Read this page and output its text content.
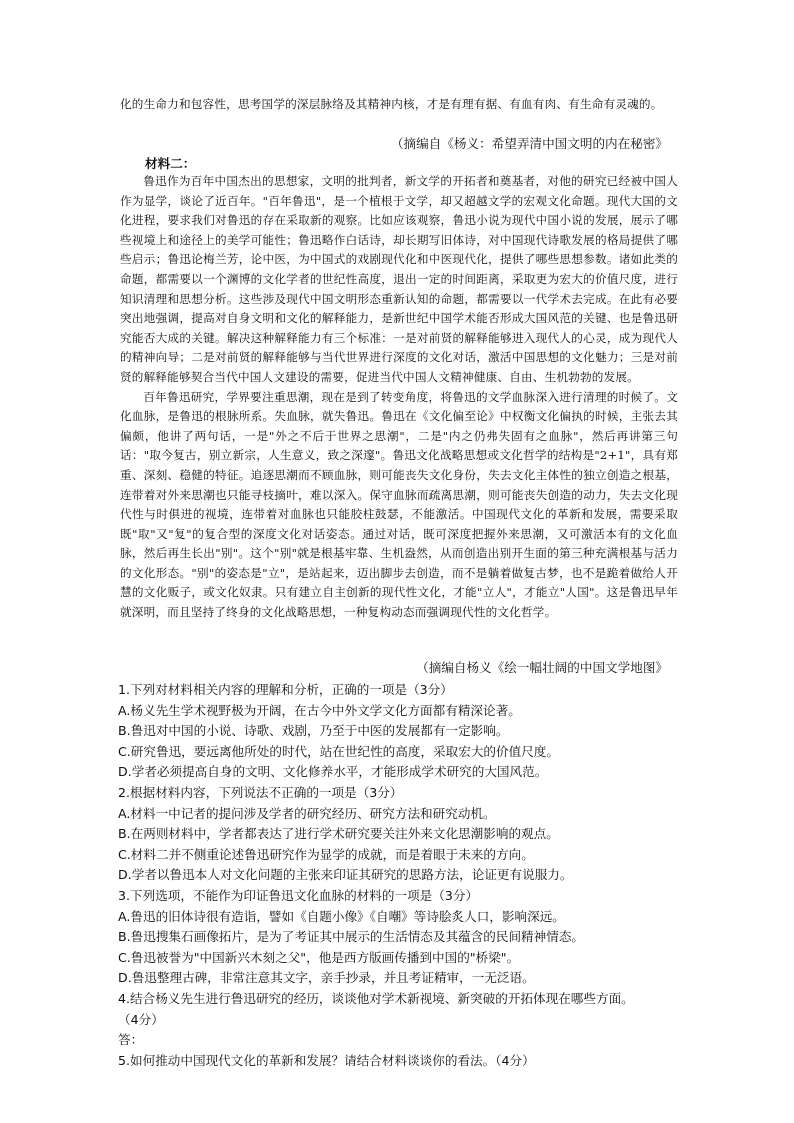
化的生命力和包容性，思考国学的深层脉络及其精神内核，才是有理有据、有血有肉、有生命有灵魂的。

（摘编自《杨义：希望弄清中国文明的内在秘密》
材料二：

鲁迅作为百年中国杰出的思想家，文明的批判者，新文学的开拓者和奠基者，对他的研究已经被中国人作为显学，谈论了近百年。"百年鲁迅"，是一个植根于文学，却又超越文学的宏观文化命题。现代大国的文化进程，要求我们对鲁迅的存在采取新的观察。比如应该观察，鲁迅小说为现代中国小说的发展，展示了哪些视境上和途径上的美学可能性；鲁迅略作白话诗，却长期写旧体诗，对中国现代诗歌发展的格局提供了哪些启示；鲁迅论梅兰芳，论中医，为中国式的戏剧现代化和中医现代化，提供了哪些思想参数。诸如此类的命题，都需要以一个渊博的文化学者的世纪性高度，退出一定的时间距离，采取更为宏大的价值尺度，进行知识清理和思想分析。这些涉及现代中国文明形态重新认知的命题，都需要以一代学术去完成。在此有必要突出地强调，提高对自身文明和文化的解释能力，是新世纪中国学术能否形成大国风范的关键、也是鲁迅研究能否大成的关键。解决这种解释能力有三个标准：一是对前贤的解释能够进入现代人的心灵，成为现代人的精神向导；二是对前贤的解释能够与当代世界进行深度的文化对话，激活中国思想的文化魅力；三是对前贤的解释能够契合当代中国人文建设的需要，促进当代中国人文精神健康、自由、生机勃勃的发展。

百年鲁迅研究，学界要注重思潮，现在是到了转变角度，将鲁迅的文学血脉深入进行清理的时候了。文化血脉，是鲁迅的根脉所系。失血脉，就失鲁迅。鲁迅在《文化偏至论》中权衡文化偏执的时候，主张去其偏颇，他讲了两句话，一是"外之不后于世界之思潮"，二是"内之仍弗失固有之血脉"，然后再讲第三句话："取今复古，别立新宗，人生意义，致之深邃"。鲁迅文化战略思想或文化哲学的结构是"2+1"，具有郑重、深刻、稳健的特征。追逐思潮而不顾血脉，则可能丧失文化身份，失去文化主体性的独立创造之根基，连带着对外来思潮也只能寻枝摘叶，难以深入。保守血脉而疏离思潮，则可能丧失创造的动力，失去文化现代性与时俱进的视境，连带着对血脉也只能胶柱鼓瑟，不能激活。中国现代文化的革新和发展，需要采取既"取"又"复"的复合型的深度文化对话姿态。通过对话，既可深度把握外来思潮，又可激活本有的文化血脉，然后再生长出"别"。这个"别"就是根基牢靠、生机盎然，从而创造出别开生面的第三种充满根基与活力的文化形态。"别"的姿态是"立"，是站起来，迈出脚步去创造，而不是躺着做复古梦，也不是跪着做给人开慧的文化贩子，或文化奴隶。只有建立自主创新的现代性文化，才能"立人"，才能立"人国"。这是鲁迅早年就深明，而且坚持了终身的文化战略思想，一种复构动态而强调现代性的文化哲学。

（摘编自杨义《绘一幅壮阔的中国文学地图》

1.下列对材料相关内容的理解和分析，正确的一项是（3分）

A.杨义先生学术视野极为开阔，在古今中外文学文化方面都有精深论著。

B.鲁迅对中国的小说、诗歌、戏剧，乃至于中医的发展都有一定影响。

C.研究鲁迅，要远离他所处的时代，站在世纪性的高度，采取宏大的价值尺度。

D.学者必须提高自身的文明、文化修养水平，才能形成学术研究的大国风范。

2.根据材料内容，下列说法不正确的一项是（3分）

A.材料一中记者的提问涉及学者的研究经历、研究方法和研究动机。

B.在两则材料中，学者都表达了进行学术研究要关注外来文化思潮影响的观点。

C.材料二并不侧重论述鲁迅研究作为显学的成就，而是着眼于未来的方向。

D.学者以鲁迅本人对文化问题的主张来印证其研究的思路方法，论证更有说服力。

3.下列选项，不能作为印证鲁迅文化血脉的材料的一项是（3分）

A.鲁迅的旧体诗很有造诣，譬如《自题小像》《自嘲》等诗脍炙人口，影响深远。

B.鲁迅搜集石画像拓片，是为了考证其中展示的生活情态及其蕴含的民间精神情态。

C.鲁迅被誉为"中国新兴木刻之父"，他是西方版画传播到中国的"桥梁"。

D.鲁迅整理古碑，非常注意其文字，亲手抄录，并且考证精审，一无泛语。

4.结合杨义先生进行鲁迅研究的经历，谈谈他对学术新视境、新突破的开拓体现在哪些方面。

（4分）

答：

5.如何推动中国现代文化的革新和发展？请结合材料谈谈你的看法。（4分）
